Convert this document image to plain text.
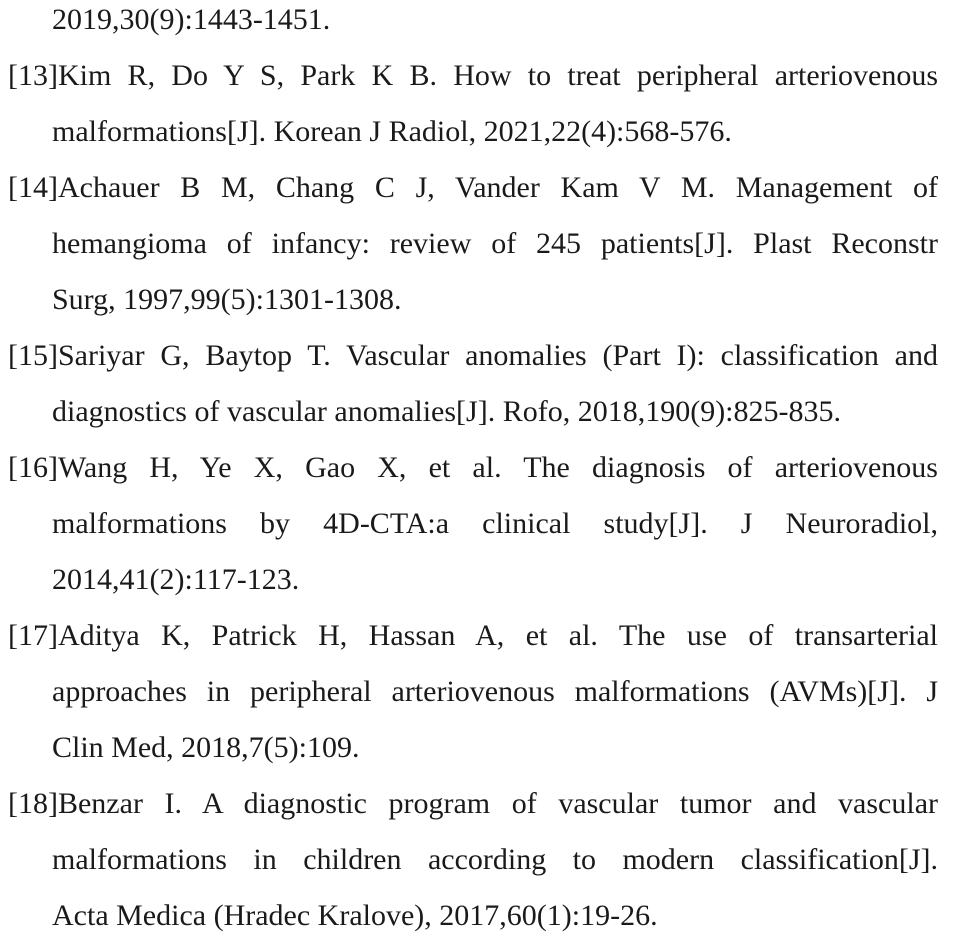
2019,30(9):1443-1451.
[13]Kim R, Do Y S, Park K B. How to treat peripheral arteriovenous
malformations[J]. Korean J Radiol, 2021,22(4):568-576.
[14]Achauer B M, Chang C J, Vander Kam V M. Management of
hemangioma of infancy: review of 245 patients[J]. Plast Reconstr
Surg, 1997,99(5):1301-1308.
[15]Sariyar G, Baytop T. Vascular anomalies (Part I): classification and
diagnostics of vascular anomalies[J]. Rofo, 2018,190(9):825-835.
[16]Wang H, Ye X, Gao X, et al. The diagnosis of arteriovenous
malformations by 4D-CTA:a clinical study[J]. J Neuroradiol,
2014,41(2):117-123.
[17]Aditya K, Patrick H, Hassan A, et al. The use of transarterial
approaches in peripheral arteriovenous malformations (AVMs)[J]. J
Clin Med, 2018,7(5):109.
[18]Benzar I. A diagnostic program of vascular tumor and vascular
malformations in children according to modern classification[J].
Acta Medica (Hradec Kralove), 2017,60(1):19-26.
